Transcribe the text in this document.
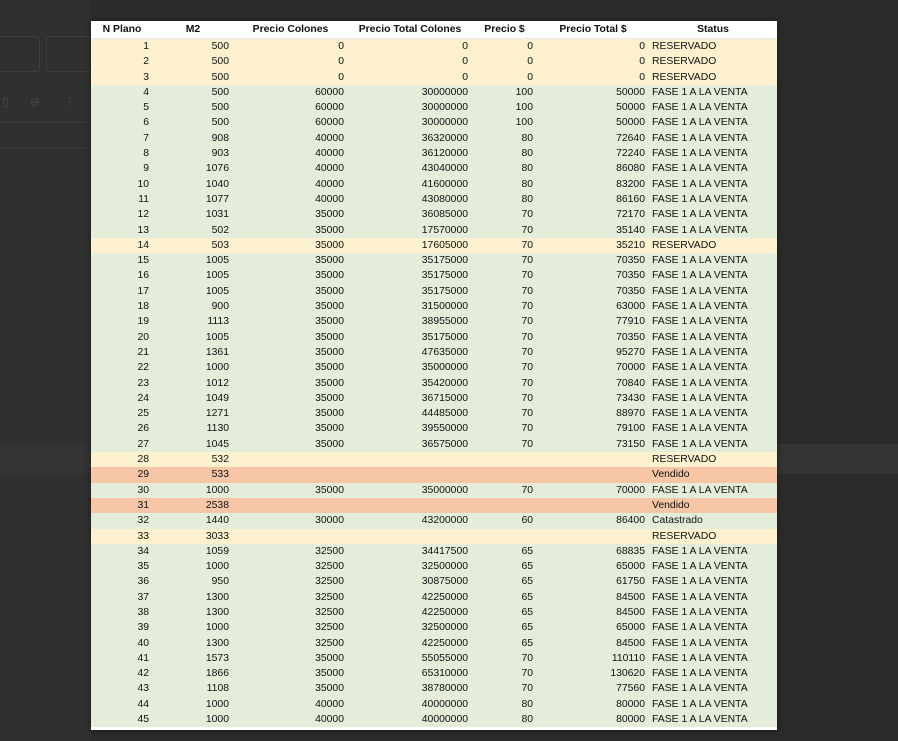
▯ ⊖ ⋮
N Plano	M2	Precio Colones	Precio Total Colones	Precio $	Precio Total $	Status
1	500	0	0	0	0	RESERVADO
2	500	0	0	0	0	RESERVADO
3	500	0	0	0	0	RESERVADO
4	500	60000	30000000	100	50000	FASE 1 A LA VENTA
5	500	60000	30000000	100	50000	FASE 1 A LA VENTA
6	500	60000	30000000	100	50000	FASE 1 A LA VENTA
7	908	40000	36320000	80	72640	FASE 1 A LA VENTA
8	903	40000	36120000	80	72240	FASE 1 A LA VENTA
9	1076	40000	43040000	80	86080	FASE 1 A LA VENTA
10	1040	40000	41600000	80	83200	FASE 1 A LA VENTA
11	1077	40000	43080000	80	86160	FASE 1 A LA VENTA
12	1031	35000	36085000	70	72170	FASE 1 A LA VENTA
13	502	35000	17570000	70	35140	FASE 1 A LA VENTA
14	503	35000	17605000	70	35210	RESERVADO
15	1005	35000	35175000	70	70350	FASE 1 A LA VENTA
16	1005	35000	35175000	70	70350	FASE 1 A LA VENTA
17	1005	35000	35175000	70	70350	FASE 1 A LA VENTA
18	900	35000	31500000	70	63000	FASE 1 A LA VENTA
19	1113	35000	38955000	70	77910	FASE 1 A LA VENTA
20	1005	35000	35175000	70	70350	FASE 1 A LA VENTA
21	1361	35000	47635000	70	95270	FASE 1 A LA VENTA
22	1000	35000	35000000	70	70000	FASE 1 A LA VENTA
23	1012	35000	35420000	70	70840	FASE 1 A LA VENTA
24	1049	35000	36715000	70	73430	FASE 1 A LA VENTA
25	1271	35000	44485000	70	88970	FASE 1 A LA VENTA
26	1130	35000	39550000	70	79100	FASE 1 A LA VENTA
27	1045	35000	36575000	70	73150	FASE 1 A LA VENTA
28	532					RESERVADO
29	533					Vendido
30	1000	35000	35000000	70	70000	FASE 1 A LA VENTA
31	2538					Vendido
32	1440	30000	43200000	60	86400	Catastrado
33	3033					RESERVADO
34	1059	32500	34417500	65	68835	FASE 1 A LA VENTA
35	1000	32500	32500000	65	65000	FASE 1 A LA VENTA
36	950	32500	30875000	65	61750	FASE 1 A LA VENTA
37	1300	32500	42250000	65	84500	FASE 1 A LA VENTA
38	1300	32500	42250000	65	84500	FASE 1 A LA VENTA
39	1000	32500	32500000	65	65000	FASE 1 A LA VENTA
40	1300	32500	42250000	65	84500	FASE 1 A LA VENTA
41	1573	35000	55055000	70	110110	FASE 1 A LA VENTA
42	1866	35000	65310000	70	130620	FASE 1 A LA VENTA
43	1108	35000	38780000	70	77560	FASE 1 A LA VENTA
44	1000	40000	40000000	80	80000	FASE 1 A LA VENTA
45	1000	40000	40000000	80	80000	FASE 1 A LA VENTA
